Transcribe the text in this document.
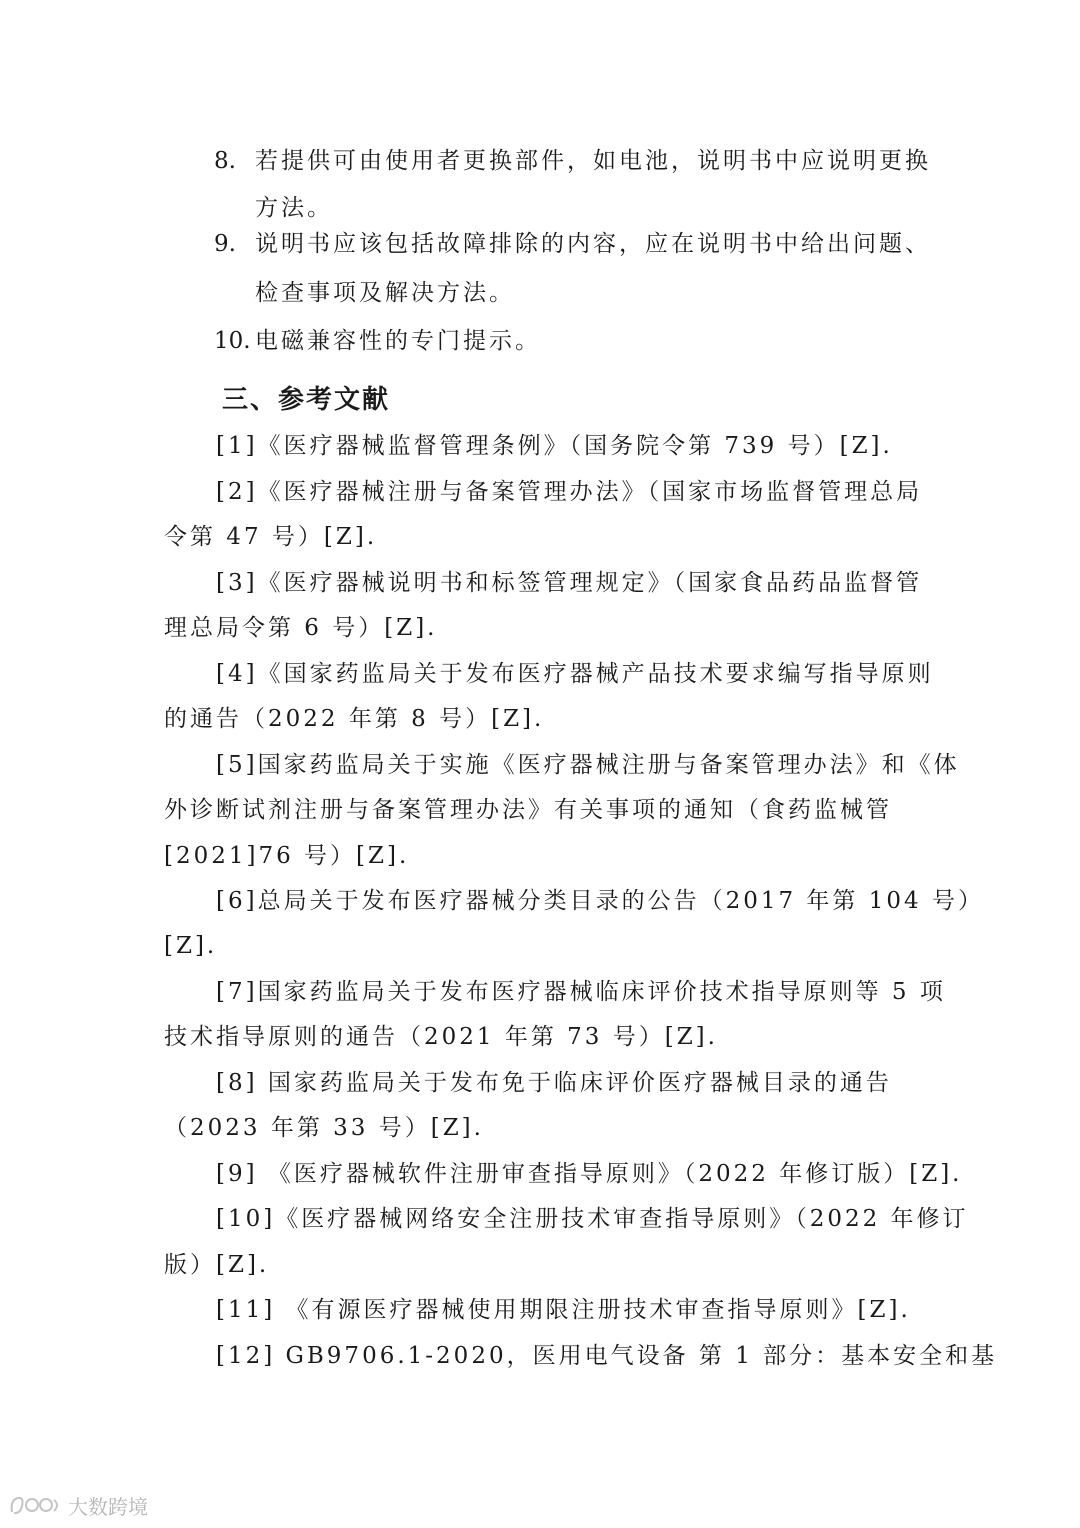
8. 若提供可由使用者更换部件，如电池，说明书中应说明更换
方法。
9. 说明书应该包括故障排除的内容，应在说明书中给出问题、
检查事项及解决方法。
10. 电磁兼容性的专门提示。
三、参考文献
[1]《医疗器械监督管理条例》（国务院令第 739 号）[Z].
[2]《医疗器械注册与备案管理办法》（国家市场监督管理总局
令第 47 号）[Z].
[3]《医疗器械说明书和标签管理规定》（国家食品药品监督管
理总局令第 6 号）[Z].
[4]《国家药监局关于发布医疗器械产品技术要求编写指导原则
的通告（2022 年第 8 号）[Z].
[5]国家药监局关于实施《医疗器械注册与备案管理办法》和《体
外诊断试剂注册与备案管理办法》有关事项的通知（食药监械管
[2021]76 号）[Z].
[6]总局关于发布医疗器械分类目录的公告（2017 年第 104 号）
[Z].
[7]国家药监局关于发布医疗器械临床评价技术指导原则等 5 项
技术指导原则的通告（2021 年第 73 号）[Z].
[8] 国家药监局关于发布免于临床评价医疗器械目录的通告
（2023 年第 33 号）[Z].
[9] 《医疗器械软件注册审查指导原则》（2022 年修订版）[Z].
[10]《医疗器械网络安全注册技术审查指导原则》（2022 年修订
版）[Z].
[11] 《有源医疗器械使用期限注册技术审查指导原则》[Z].
[12] GB9706.1-2020，医用电气设备 第 1 部分：基本安全和基
大数跨境
